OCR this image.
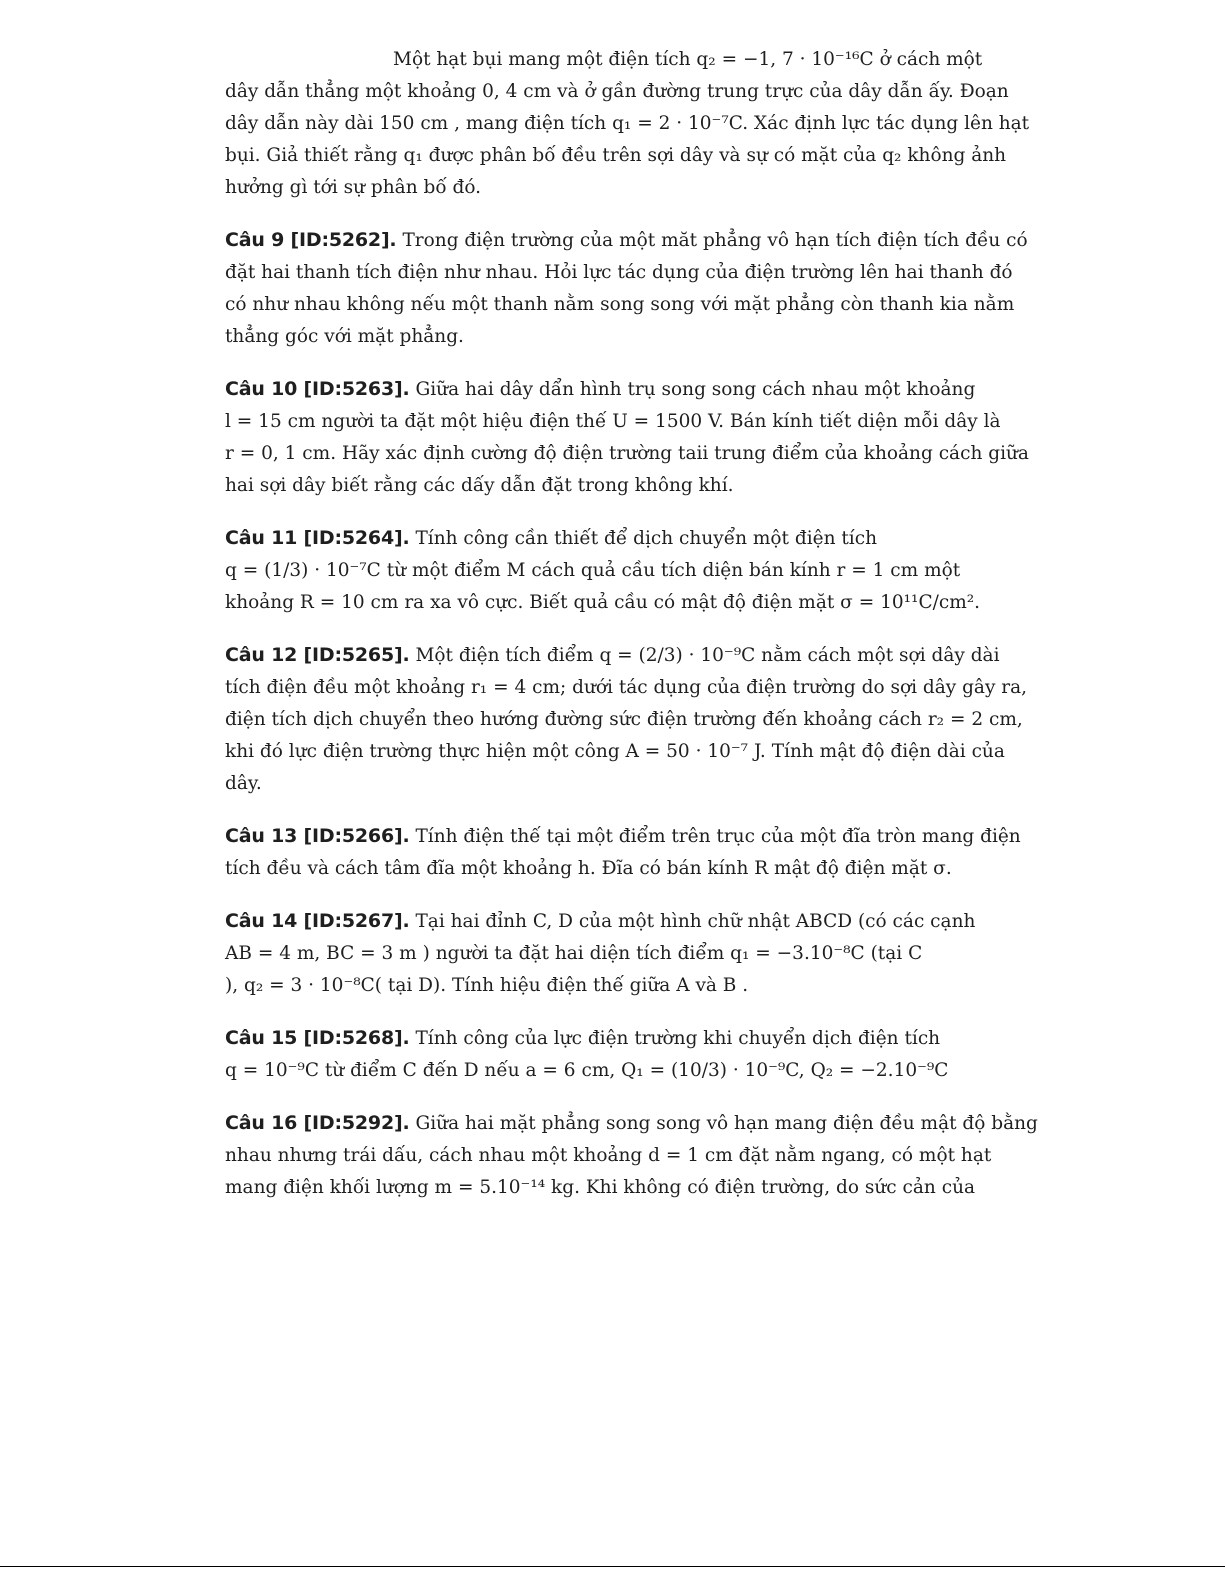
Một hạt bụi mang một điện tích q₂ = −1, 7 · 10⁻¹⁶C ở cách một
dây dẫn thẳng một khoảng 0, 4 cm và ở gần đường trung trực của dây dẫn ấy. Đoạn
dây dẫn này dài 150 cm , mang điện tích q₁ = 2 · 10⁻⁷C. Xác định lực tác dụng lên hạt
bụi. Giả thiết rằng q₁ được phân bố đều trên sợi dây và sự có mặt của q₂ không ảnh
hưởng gì tới sự phân bố đó.
Câu 9 [ID:5262]. Trong điện trường của một măt phẳng vô hạn tích điện tích đều có
đặt hai thanh tích điện như nhau. Hỏi lực tác dụng của điện trường lên hai thanh đó
có như nhau không nếu một thanh nằm song song với mặt phẳng còn thanh kia nằm
thẳng góc với mặt phẳng.
Câu 10 [ID:5263]. Giữa hai dây dẩn hình trụ song song cách nhau một khoảng
l = 15 cm người ta đặt một hiệu điện thế U = 1500 V. Bán kính tiết diện mỗi dây là
r = 0, 1 cm. Hãy xác định cường độ điện trường taii trung điểm của khoảng cách giữa
hai sợi dây biết rằng các dấy dẫn đặt trong không khí.
Câu 11 [ID:5264]. Tính công cần thiết để dịch chuyển một điện tích
q = (1/3) · 10⁻⁷C từ một điểm M cách quả cầu tích diện bán kính r = 1 cm một
khoảng R = 10 cm ra xa vô cực. Biết quả cầu có mật độ điện mặt σ = 10¹¹C/cm².
Câu 12 [ID:5265]. Một điện tích điểm q = (2/3) · 10⁻⁹C nằm cách một sợi dây dài
tích điện đều một khoảng r₁ = 4 cm; dưới tác dụng của điện trường do sợi dây gây ra,
điện tích dịch chuyển theo hướng đường sức điện trường đến khoảng cách r₂ = 2 cm,
khi đó lực điện trường thực hiện một công A = 50 · 10⁻⁷ J. Tính mật độ điện dài của
dây.
Câu 13 [ID:5266]. Tính điện thế tại một điểm trên trục của một đĩa tròn mang điện
tích đều và cách tâm đĩa một khoảng h. Đĩa có bán kính R mật độ điện mặt σ.
Câu 14 [ID:5267]. Tại hai đỉnh C, D của một hình chữ nhật ABCD (có các cạnh
AB = 4 m, BC = 3 m ) người ta đặt hai diện tích điểm q₁ = −3.10⁻⁸C (tại C
), q₂ = 3 · 10⁻⁸C( tại D). Tính hiệu điện thế giữa A và B .
Câu 15 [ID:5268]. Tính công của lực điện trường khi chuyển dịch điện tích
q = 10⁻⁹C từ điểm C đến D nếu a = 6 cm, Q₁ = (10/3) · 10⁻⁹C, Q₂ = −2.10⁻⁹C
Câu 16 [ID:5292]. Giữa hai mặt phẳng song song vô hạn mang điện đều mật độ bằng
nhau nhưng trái dấu, cách nhau một khoảng d = 1 cm đặt nằm ngang, có một hạt
mang điện khối lượng m = 5.10⁻¹⁴ kg. Khi không có điện trường, do sức cản của
